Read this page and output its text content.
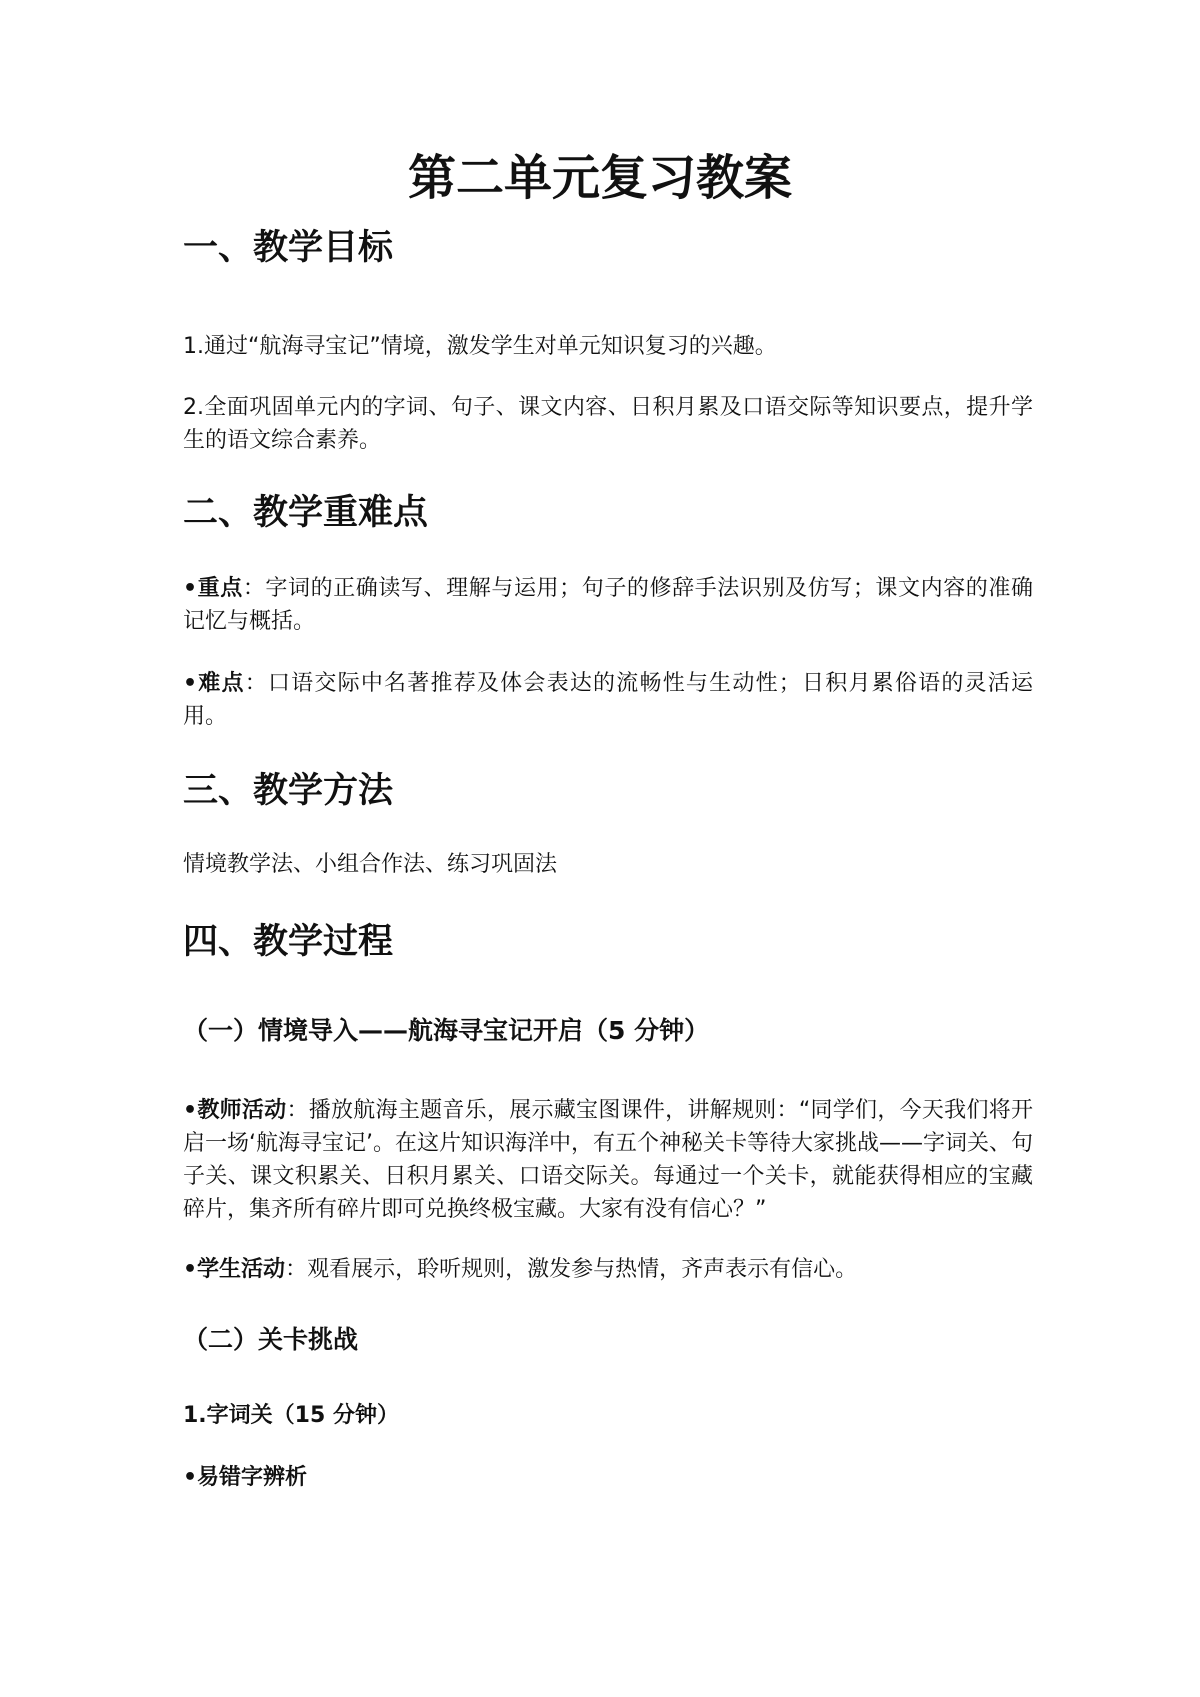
第二单元复习教案
一、教学目标

1.通过“航海寻宝记”情境，激发学生对单元知识复习的兴趣。

2.全面巩固单元内的字词、句子、课文内容、日积月累及口语交际等知识要点，提升学生的语文综合素养。

二、教学重难点

•重点：字词的正确读写、理解与运用；句子的修辞手法识别及仿写；课文内容的准确记忆与概括。

•难点：口语交际中名著推荐及体会表达的流畅性与生动性；日积月累俗语的灵活运用。

三、教学方法

情境教学法、小组合作法、练习巩固法

四、教学过程
（一）情境导入——航海寻宝记开启（5 分钟）

•教师活动：播放航海主题音乐，展示藏宝图课件，讲解规则：“同学们，今天我们将开启一场‘航海寻宝记’。在这片知识海洋中，有五个神秘关卡等待大家挑战——字词关、句子关、课文积累关、日积月累关、口语交际关。每通过一个关卡，就能获得相应的宝藏碎片，集齐所有碎片即可兑换终极宝藏。大家有没有信心？”

•学生活动：观看展示，聆听规则，激发参与热情，齐声表示有信心。

（二）关卡挑战
1.字词关（15 分钟）
•易错字辨析
